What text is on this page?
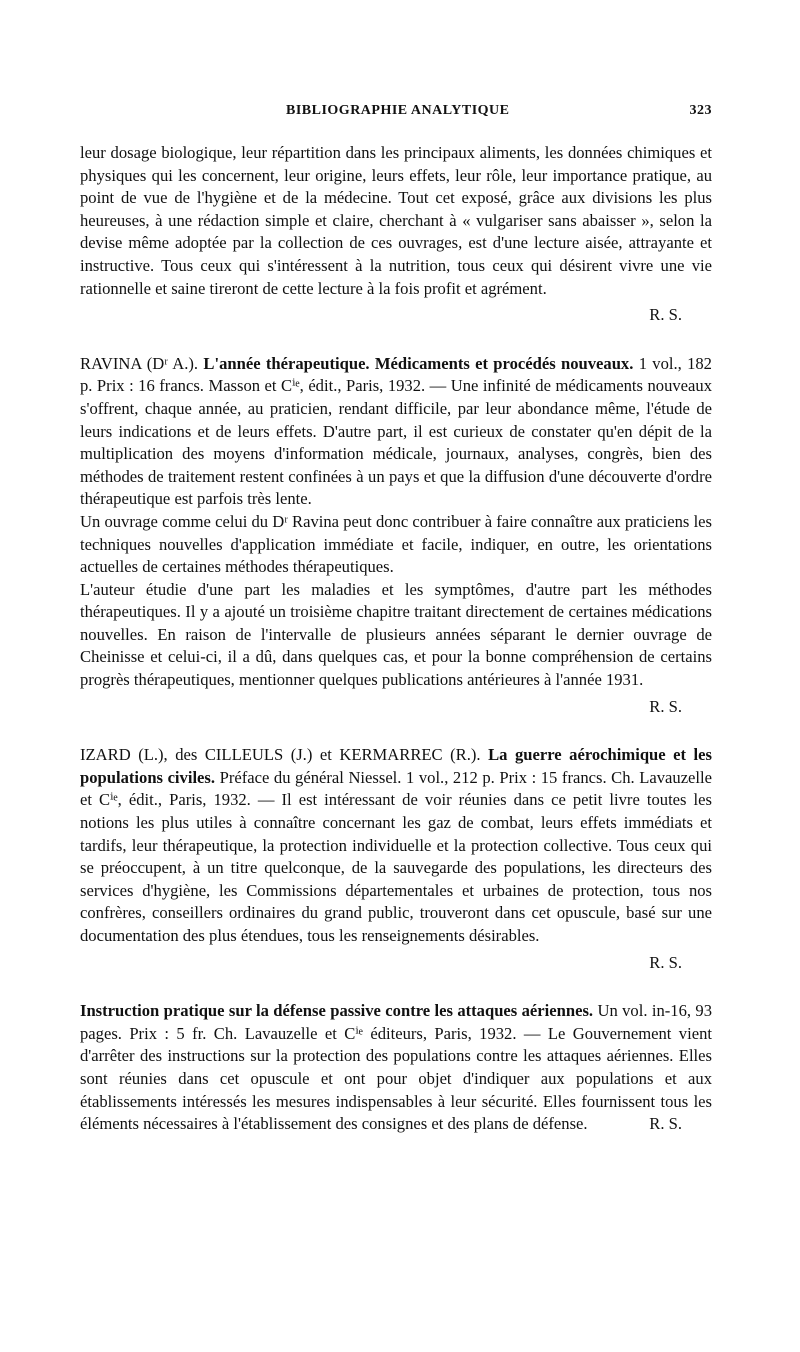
BIBLIOGRAPHIE ANALYTIQUE	323

leur dosage biologique, leur répartition dans les principaux aliments, les données chimiques et physiques qui les concernent, leur origine, leurs effets, leur rôle, leur importance pratique, au point de vue de l'hygiène et de la médecine. Tout cet exposé, grâce aux divisions les plus heureuses, à une rédaction simple et claire, cherchant à « vulgariser sans abaisser », selon la devise même adoptée par la collection de ces ouvrages, est d'une lecture aisée, attrayante et instructive. Tous ceux qui s'intéressent à la nutrition, tous ceux qui désirent vivre une vie rationnelle et saine tireront de cette lecture à la fois profit et agrément.

R. S.

RAVINA (Dʳ A.). L'année thérapeutique. Médicaments et procédés nouveaux. 1 vol., 182 p. Prix : 16 francs. Masson et Cⁱᵉ, édit., Paris, 1932. — Une infinité de médicaments nouveaux s'offrent, chaque année, au praticien, rendant difficile, par leur abondance même, l'étude de leurs indications et de leurs effets. D'autre part, il est curieux de constater qu'en dépit de la multiplication des moyens d'information médicale, journaux, analyses, congrès, bien des méthodes de traitement restent confinées à un pays et que la diffusion d'une découverte d'ordre thérapeutique est parfois très lente.

Un ouvrage comme celui du Dʳ Ravina peut donc contribuer à faire connaître aux praticiens les techniques nouvelles d'application immédiate et facile, indiquer, en outre, les orientations actuelles de certaines méthodes thérapeutiques.

L'auteur étudie d'une part les maladies et les symptômes, d'autre part les méthodes thérapeutiques. Il y a ajouté un troisième chapitre traitant directement de certaines médications nouvelles. En raison de l'intervalle de plusieurs années séparant le dernier ouvrage de Cheinisse et celui-ci, il a dû, dans quelques cas, et pour la bonne compréhension de certains progrès thérapeutiques, mentionner quelques publications antérieures à l'année 1931.

R. S.

IZARD (L.), des CILLEULS (J.) et KERMARREC (R.). La guerre aérochimique et les populations civiles. Préface du général Niessel. 1 vol., 212 p. Prix : 15 francs. Ch. Lavauzelle et Cⁱᵉ, édit., Paris, 1932. — Il est intéressant de voir réunies dans ce petit livre toutes les notions les plus utiles à connaître concernant les gaz de combat, leurs effets immédiats et tardifs, leur thérapeutique, la protection individuelle et la protection collective. Tous ceux qui se préoccupent, à un titre quelconque, de la sauvegarde des populations, les directeurs des services d'hygiène, les Commissions départementales et urbaines de protection, tous nos confrères, conseillers ordinaires du grand public, trouveront dans cet opuscule, basé sur une documentation des plus étendues, tous les renseignements désirables.

R. S.

Instruction pratique sur la défense passive contre les attaques aériennes. Un vol. in-16, 93 pages. Prix : 5 fr. Ch. Lavauzelle et Cⁱᵉ éditeurs, Paris, 1932. — Le Gouvernement vient d'arrêter des instructions sur la protection des populations contre les attaques aériennes. Elles sont réunies dans cet opuscule et ont pour objet d'indiquer aux populations et aux établissements intéressés les mesures indispensables à leur sécurité. Elles fournissent tous les éléments nécessaires à l'établissement des consignes et des plans de défense.	R. S.
